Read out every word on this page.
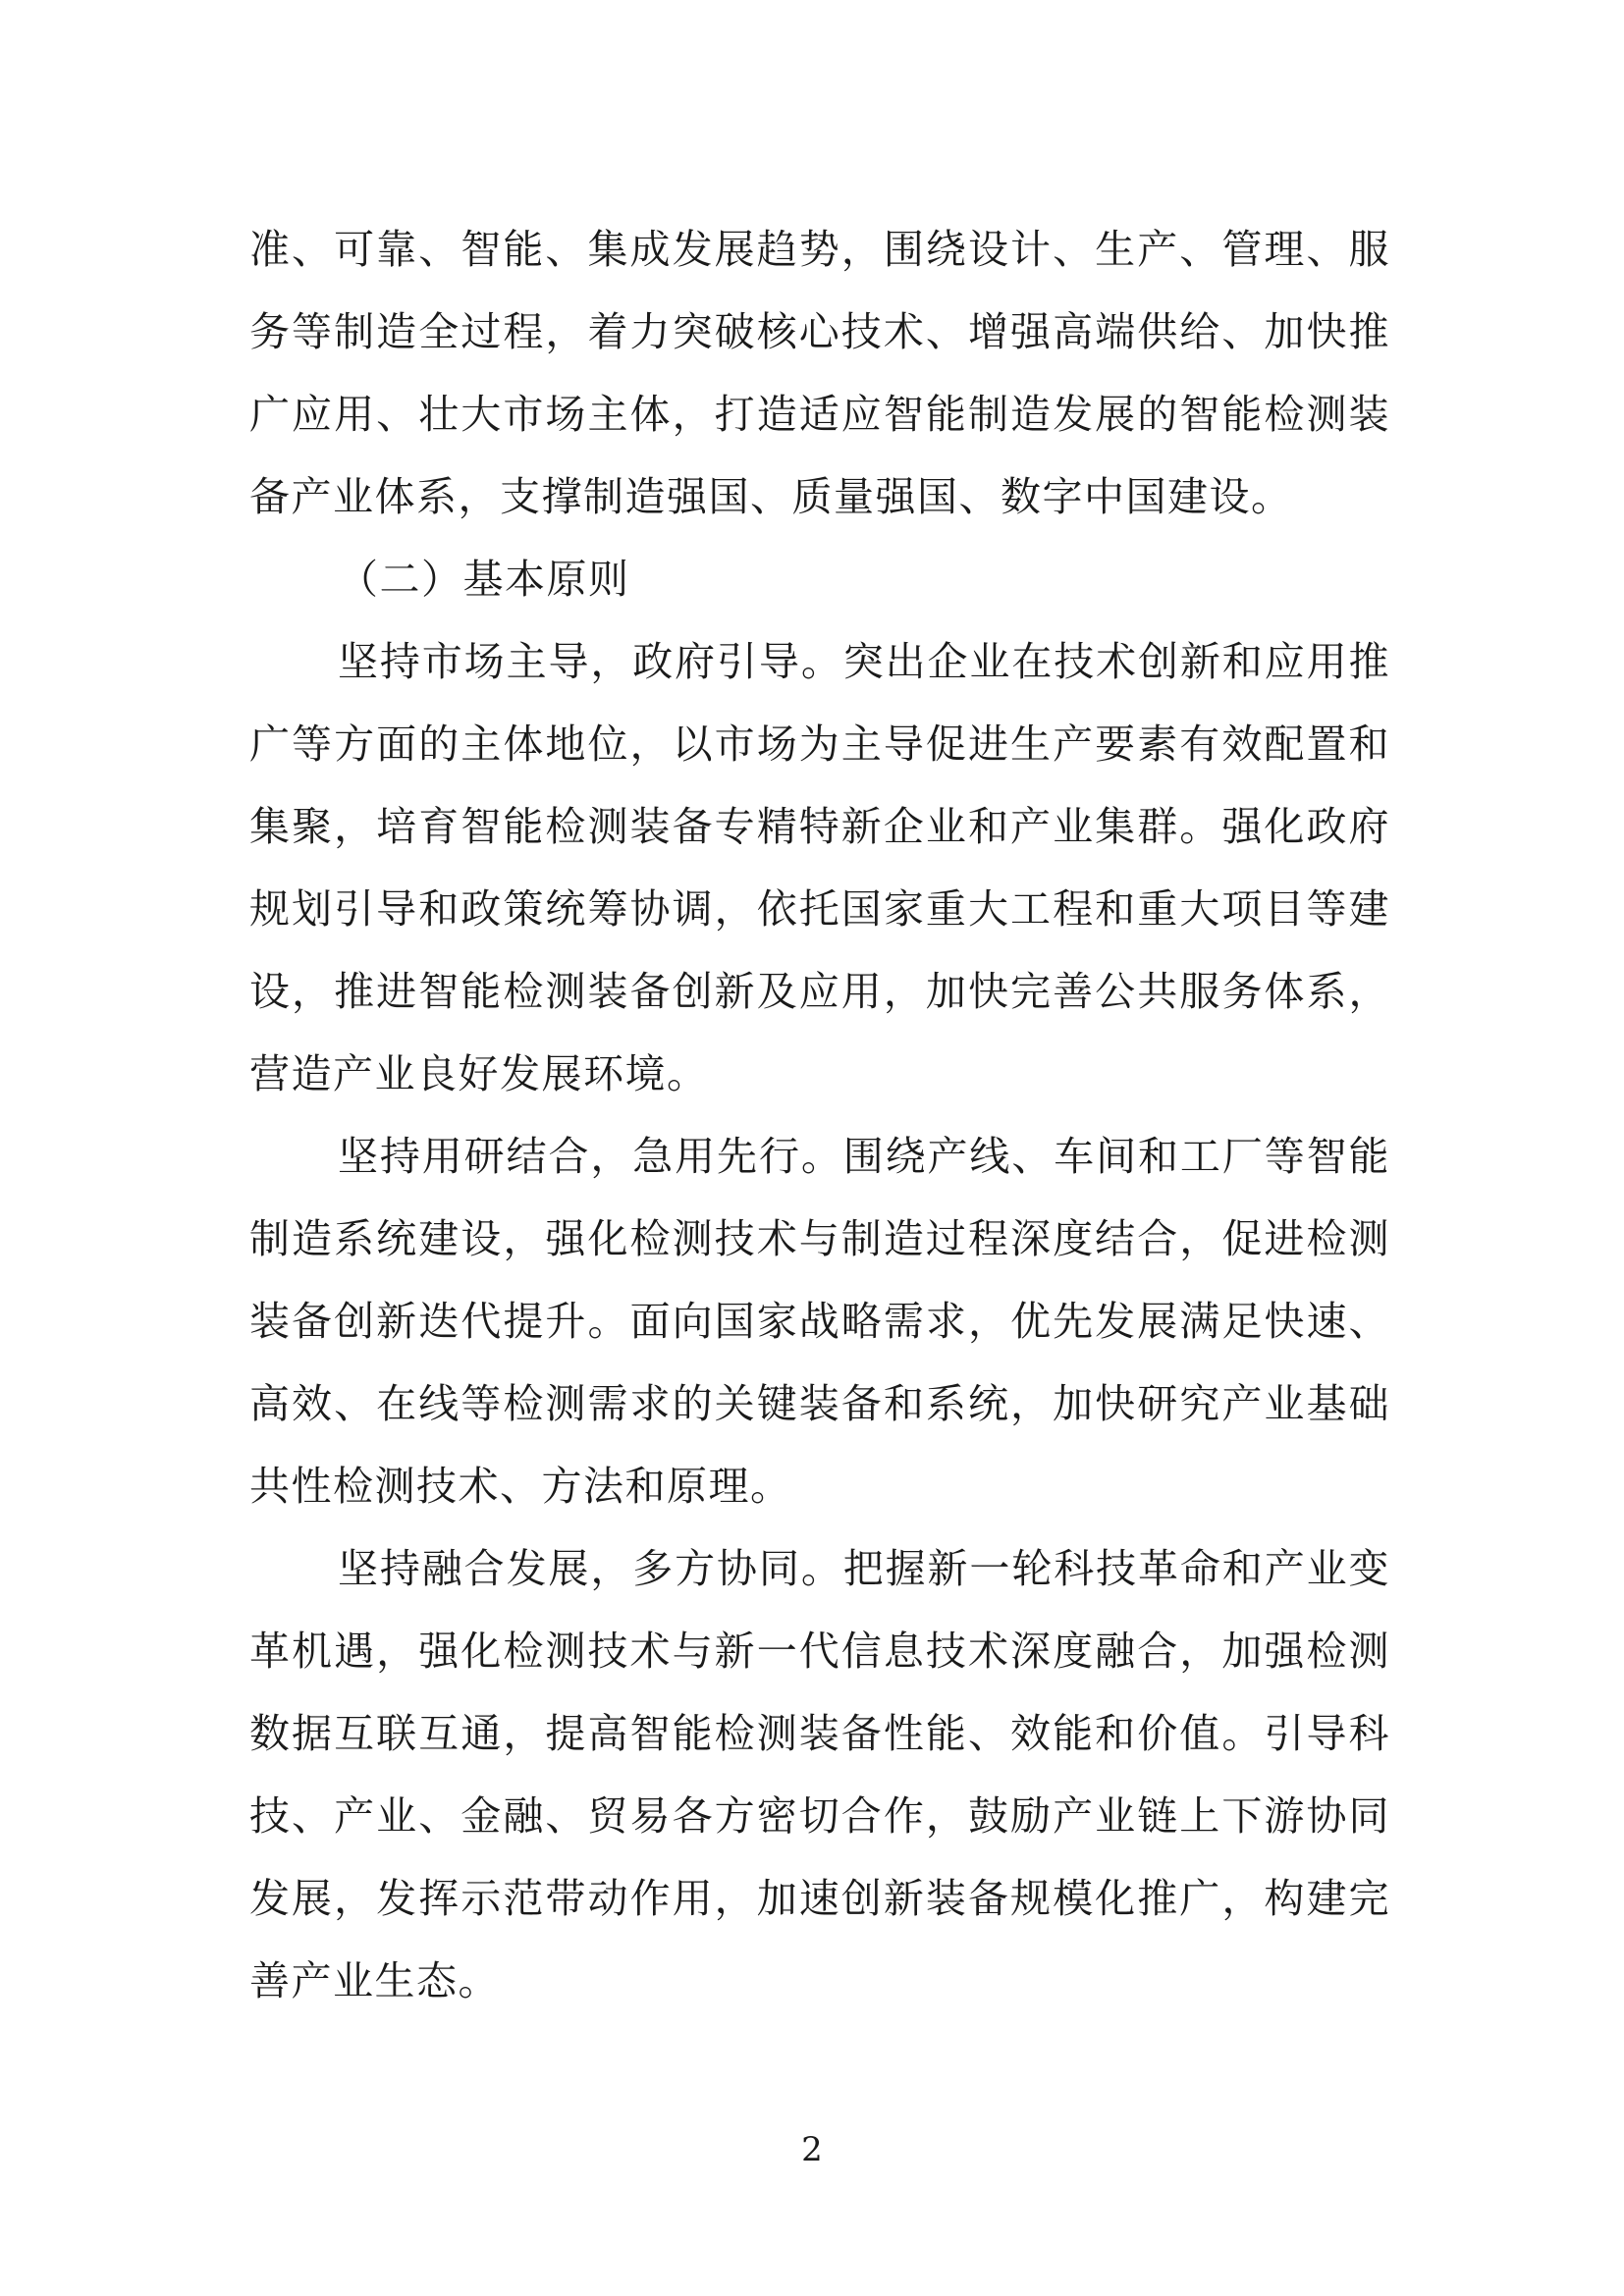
准、可靠、智能、集成发展趋势，围绕设计、生产、管理、服务等制造全过程，着力突破核心技术、增强高端供给、加快推广应用、壮大市场主体，打造适应智能制造发展的智能检测装备产业体系，支撑制造强国、质量强国、数字中国建设。

（二）基本原则

坚持市场主导，政府引导。突出企业在技术创新和应用推广等方面的主体地位，以市场为主导促进生产要素有效配置和集聚，培育智能检测装备专精特新企业和产业集群。强化政府规划引导和政策统筹协调，依托国家重大工程和重大项目等建设，推进智能检测装备创新及应用，加快完善公共服务体系，营造产业良好发展环境。

坚持用研结合，急用先行。围绕产线、车间和工厂等智能制造系统建设，强化检测技术与制造过程深度结合，促进检测装备创新迭代提升。面向国家战略需求，优先发展满足快速、高效、在线等检测需求的关键装备和系统，加快研究产业基础共性检测技术、方法和原理。

坚持融合发展，多方协同。把握新一轮科技革命和产业变革机遇，强化检测技术与新一代信息技术深度融合，加强检测数据互联互通，提高智能检测装备性能、效能和价值。引导科技、产业、金融、贸易各方密切合作，鼓励产业链上下游协同发展，发挥示范带动作用，加速创新装备规模化推广，构建完善产业生态。

2
